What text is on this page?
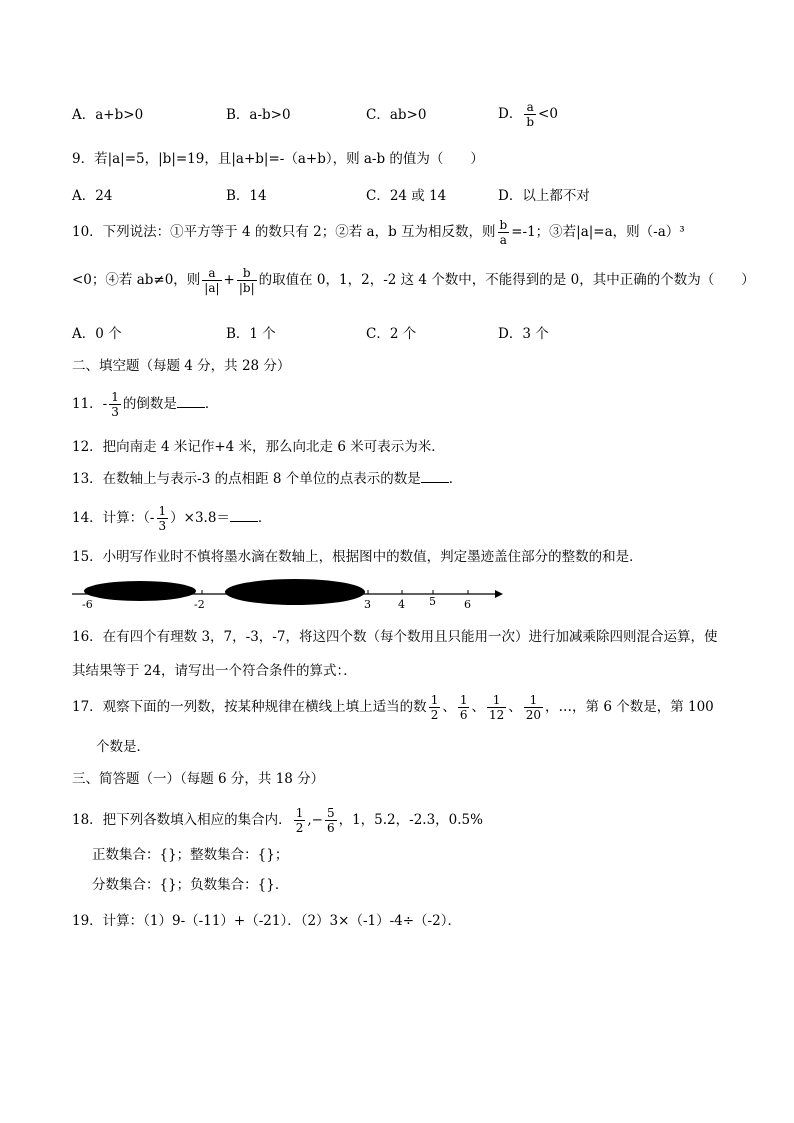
A．a+b>0	B．a-b>0	C．ab>0	D． $\frac{a}{b} <0$
9．若|a|=5，|b|=19，且|a+b|=-（a+b），则 a-b 的值为（　　）
A．24	B．14	C．24 或 14	D．以上都不对
10．下列说法：①平方等于 4 的数只有 2；②若 a，b 互为相反数，则 $\frac{b}{a} =-1$；③若|a|=a，则（-a）³
<0；④若 ab≠0，则 $\frac{a}{|a|} + \frac{b}{|b|}$ 的取值在 0，1，2，-2 这 4 个数中，不能得到的是 0，其中正确的个数为（　　）
A．0 个	B．1 个	C．2 个	D．3 个
二、填空题（每题 4 分，共 28 分）
11．- $\frac{1}{3}$ 的倒数是 ．
12．把向南走 4 米记作+4 米，那么向北走 6 米可表示为米．
13．在数轴上与表示-3 的点相距 8 个单位的点表示的数是 ．
14．计算：（- $\frac{1}{3} )\times 3.8=$ ．
15．小明写作业时不慎将墨水滴在数轴上，根据图中的数值，判定墨迹盖住部分的整数的和是．
-6	-2	3 4 5	6
16．在有四个有理数 3，7，-3，-7，将这四个数（每个数用且只能用一次）进行加减乘除四则混合运算，使
其结果等于 24，请写出一个符合条件的算式：．
17．观察下面的一列数，按某种规律在横线上填上适当的数 $\frac{1}{2}$ 、 $\frac{1}{6}$ 、 $\frac{1}{12}$ 、 $\frac{1}{20}$ ，…，第 6 个数是，第 100
个数是．
三、简答题（一）（每题 6 分，共 18 分）
18．把下列各数填入相应的集合内． $\frac{1}{2}$ ,− $\frac{5}{6}$ ，1，5.2，-2.3，0.5%
正数集合：{}；整数集合：{}；
分数集合：{}；负数集合：{}．
19．计算：（1）9-（-11）+（-21）．（2）3×（-1）-4÷（-2）．
